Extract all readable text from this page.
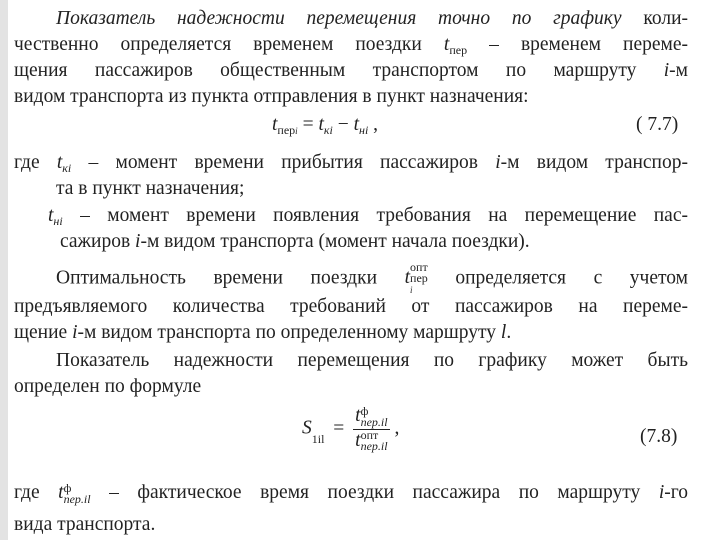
Показатель надежности перемещения точно по графику коли-
чественно определяется временем поездки $t_{пер}$ – временем переме-
щения пассажиров общественным транспортом по маршруту i-м
видом транспорта из пункта отправления в пункт назначения:
$t_{перi} = t_{кi} - t_{нi}$ ,	( 7.7)
где $t_{кi}$ – момент времени прибытия пассажиров i-м видом транспор-
та в пункт назначения;
$t_{нi}$ – момент времени появления требования на перемещение пас-
сажиров i-м видом транспорта (момент начала поездки).
Оптимальность времени поездки t
опт
пер
i
определяется с учетом
предъявляемого количества требований от пассажиров на переме-
щение i-м видом транспорта по определенному маршруту l.
Показатель надежности перемещения по графику может быть
определен по формуле
$S_{1il} = t$ ф
пер.il
t опт
пер.il ,	(7.8)
где t ф
пер.il – фактическое время поездки пассажира по маршруту i-го
вида транспорта.
